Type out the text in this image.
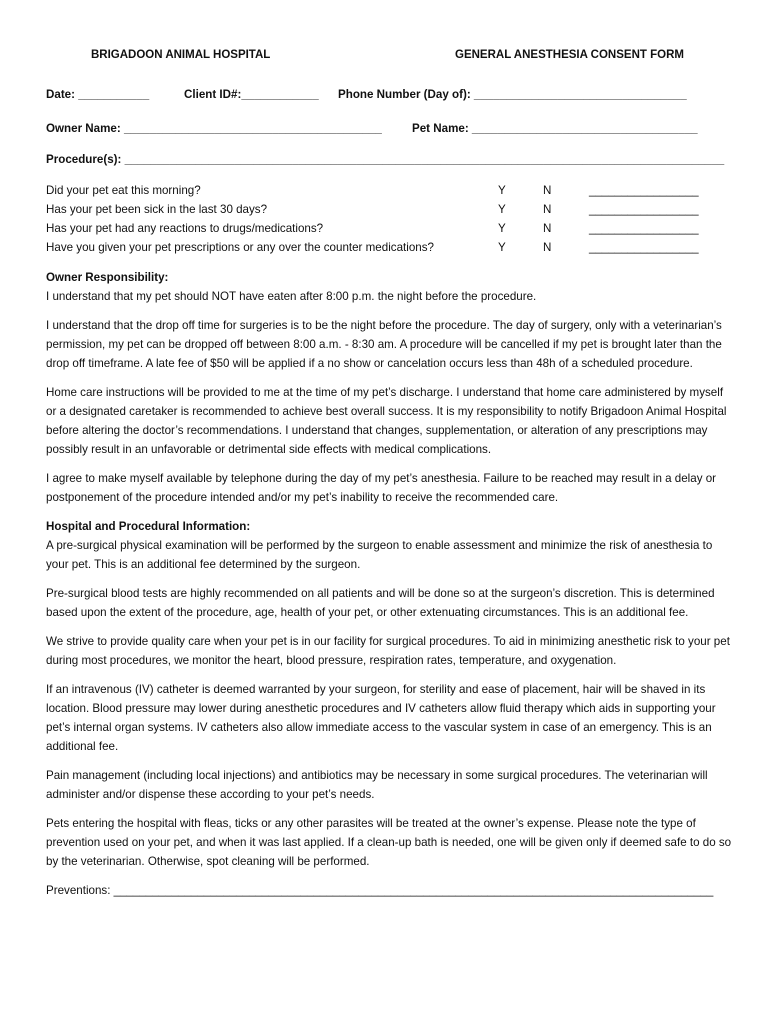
BRIGADOON ANIMAL HOSPITAL	GENERAL ANESTHESIA CONSENT FORM
Date: ___________	Client ID#:____________ Phone Number (Day of): _________________________________
Owner Name: ________________________________________	Pet Name: ___________________________________
Procedure(s): _____________________________________________________________________________________________
Did your pet eat this morning?	Y	N	_________________
Has your pet been sick in the last 30 days?	Y	N	_________________
Has your pet had any reactions to drugs/medications?	Y	N	_________________
Have you given your pet prescriptions or any over the counter medications?	Y	N	_________________
Owner Responsibility:

I understand that my pet should NOT have eaten after 8:00 p.m. the night before the procedure.

I understand that the drop off time for surgeries is to be the night before the procedure. The day of surgery, only with a veterinarian’s permission, my pet can be dropped off between 8:00 a.m. - 8:30 am. A procedure will be cancelled if my pet is brought later than the drop off timeframe. A late fee of $50 will be applied if a no show or cancelation occurs less than 48h of a scheduled procedure.

Home care instructions will be provided to me at the time of my pet’s discharge. I understand that home care administered by myself or a designated caretaker is recommended to achieve best overall success. It is my responsibility to notify Brigadoon Animal Hospital before altering the doctor’s recommendations. I understand that changes, supplementation, or alteration of any prescriptions may possibly result in an unfavorable or detrimental side effects with medical complications.

I agree to make myself available by telephone during the day of my pet’s anesthesia. Failure to be reached may result in a delay or postponement of the procedure intended and/or my pet’s inability to receive the recommended care.

Hospital and Procedural Information:

A pre-surgical physical examination will be performed by the surgeon to enable assessment and minimize the risk of anesthesia to your pet. This is an additional fee determined by the surgeon.

Pre-surgical blood tests are highly recommended on all patients and will be done so at the surgeon’s discretion. This is determined based upon the extent of the procedure, age, health of your pet, or other extenuating circumstances. This is an additional fee.

We strive to provide quality care when your pet is in our facility for surgical procedures. To aid in minimizing anesthetic risk to your pet during most procedures, we monitor the heart, blood pressure, respiration rates, temperature, and oxygenation.

If an intravenous (IV) catheter is deemed warranted by your surgeon, for sterility and ease of placement, hair will be shaved in its location. Blood pressure may lower during anesthetic procedures and IV catheters allow fluid therapy which aids in supporting your pet’s internal organ systems. IV catheters also allow immediate access to the vascular system in case of an emergency. This is an additional fee.

Pain management (including local injections) and antibiotics may be necessary in some surgical procedures. The veterinarian will administer and/or dispense these according to your pet’s needs.

Pets entering the hospital with fleas, ticks or any other parasites will be treated at the owner’s expense. Please note the type of prevention used on your pet, and when it was last applied. If a clean-up bath is needed, one will be given only if deemed safe to do so by the veterinarian. Otherwise, spot cleaning will be performed.

Preventions: _____________________________________________________________________________________________
